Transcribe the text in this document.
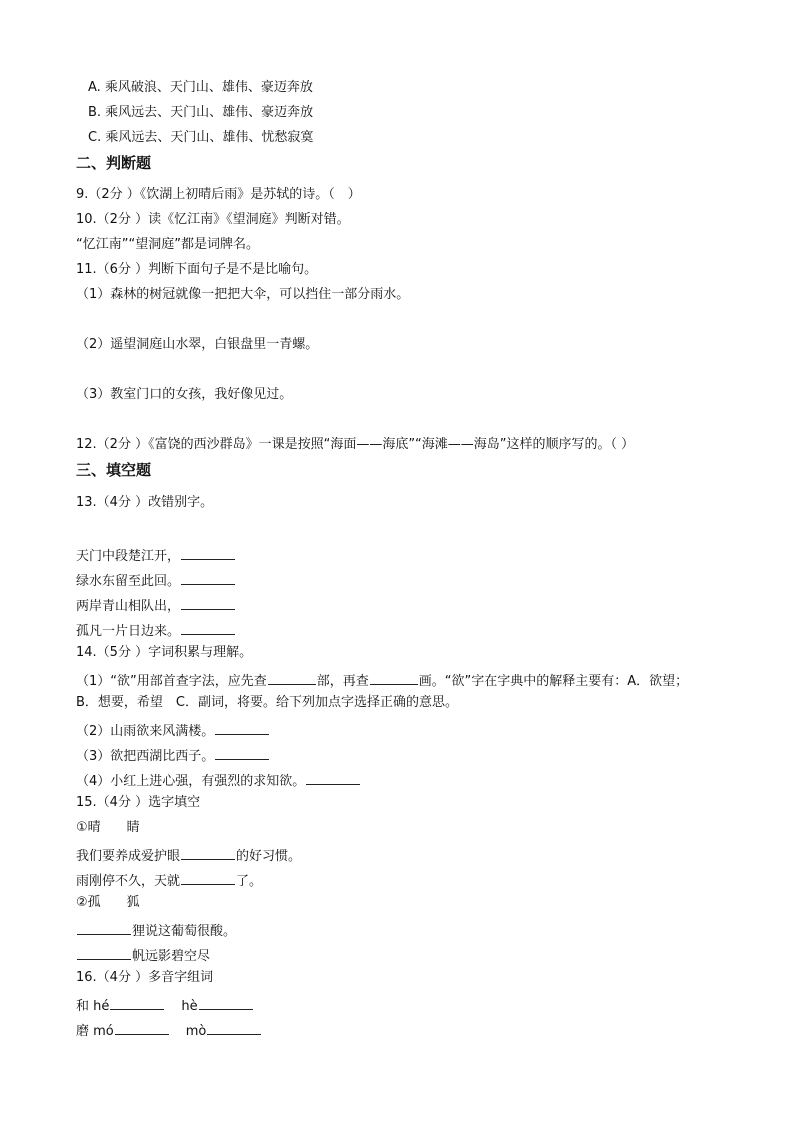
A. 乘风破浪、天门山、雄伟、豪迈奔放
B. 乘风远去、天门山、雄伟、豪迈奔放
C. 乘风远去、天门山、雄伟、忧愁寂寞
二、判断题
9.（2分 ）《饮湖上初晴后雨》是苏轼的诗。（　）
10.（2分 ）读《忆江南》《望洞庭》判断对错。
“忆江南”“望洞庭”都是词牌名。
11.（6分 ）判断下面句子是不是比喻句。
（1）森林的树冠就像一把把大伞，可以挡住一部分雨水。
（2）遥望洞庭山水翠，白银盘里一青螺。
（3）教室门口的女孩，我好像见过。
12.（2分 ）《富饶的西沙群岛》一课是按照“海面——海底”“海滩——海岛”这样的顺序写的。（ ）
三、填空题
13.（4分 ）改错别字。
天门中段楚江开，
绿水东留至此回。
两岸青山相队出，
孤凡一片日边来。
14.（5分 ）字词积累与理解。
（1）“欲”用部首查字法，应先查	部，再查	画。“欲”字在字典中的解释主要有：A．欲望；
B．想要，希望　C．副词，将要。给下列加点字选择正确的意思。
（2）山雨欲来风满楼。
（3）欲把西湖比西子。
（4）小红上进心强，有强烈的求知欲。
15.（4分 ）选字填空
①晴　　睛
我们要养成爱护眼	的好习惯。
雨刚停不久，天就	了。
②孤　　狐
狸说这葡萄很酸。
帆远影碧空尽
16.（4分 ）多音字组词
和 hé	hè
磨 mó	mò
